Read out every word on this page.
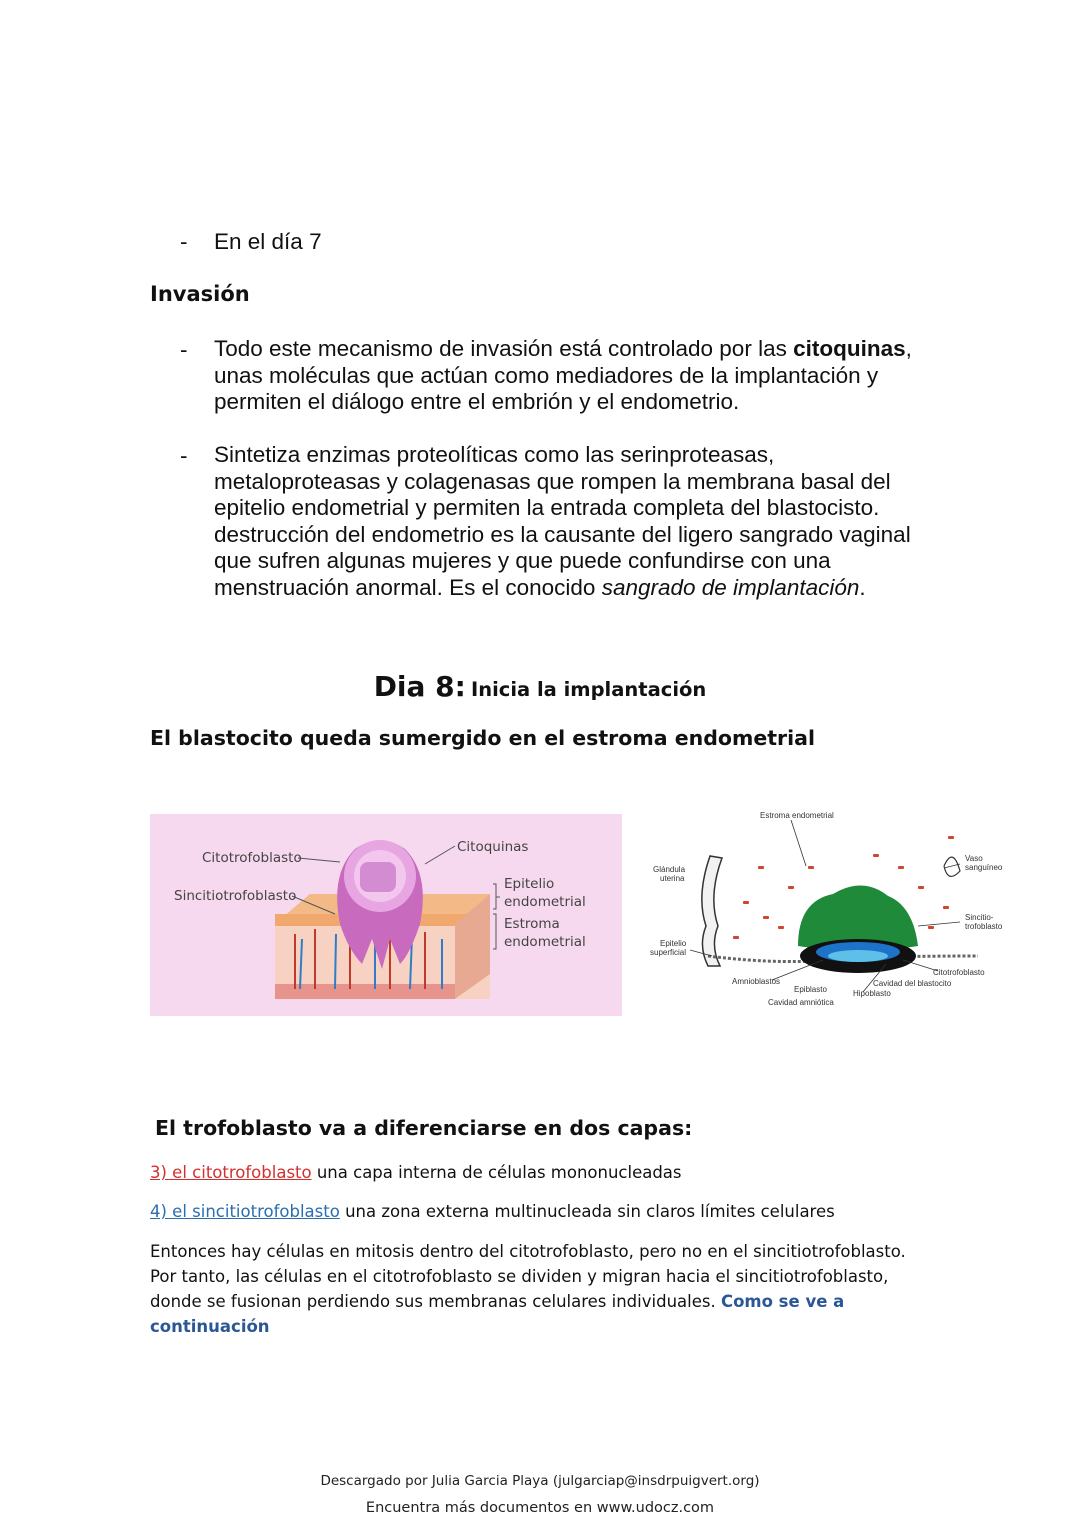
- En el día 7
Invasión
- Todo este mecanismo de invasión está controlado por las citoquinas,
unas moléculas que actúan como mediadores de la implantación y
permiten el diálogo entre el embrión y el endometrio.
- Sintetiza enzimas proteolíticas como las serinproteasas,
metaloproteasas y colagenasas que rompen la membrana basal del
epitelio endometrial y permiten la entrada completa del blastocisto.
destrucción del endometrio es la causante del ligero sangrado vaginal
que sufren algunas mujeres y que puede confundirse con una
menstruación anormal. Es el conocido sangrado de implantación.
Dia 8: Inicia la implantación
El blastocito queda sumergido en el estroma endometrial
Citotrofoblasto
Sincitiotrofoblasto
Citoquinas
Epitelio
endometrial
Estroma
endometrial
Estroma endometrial
Glándula
uterina
Vaso
sanguíneo
Sincitio-
trofoblasto
Epitelio
superficial
Citotrofoblasto
Cavidad del blastocito
Amnioblastos
Epiblasto	Hipoblasto
Cavidad amniótica
El trofoblasto va a diferenciarse en dos capas:
3) el citotrofoblasto una capa interna de células mononucleadas
4) el sincitiotrofoblasto una zona externa multinucleada sin claros límites celulares
Entonces hay células en mitosis dentro del citotrofoblasto, pero no en el sincitiotrofoblasto.
Por tanto, las células en el citotrofoblasto se dividen y migran hacia el sincitiotrofoblasto,
donde se fusionan perdiendo sus membranas celulares individuales. Como se ve a
continuación
Descargado por Julia Garcia Playa (julgarciap@insdrpuigvert.org)
Encuentra más documentos en www.udocz.com
